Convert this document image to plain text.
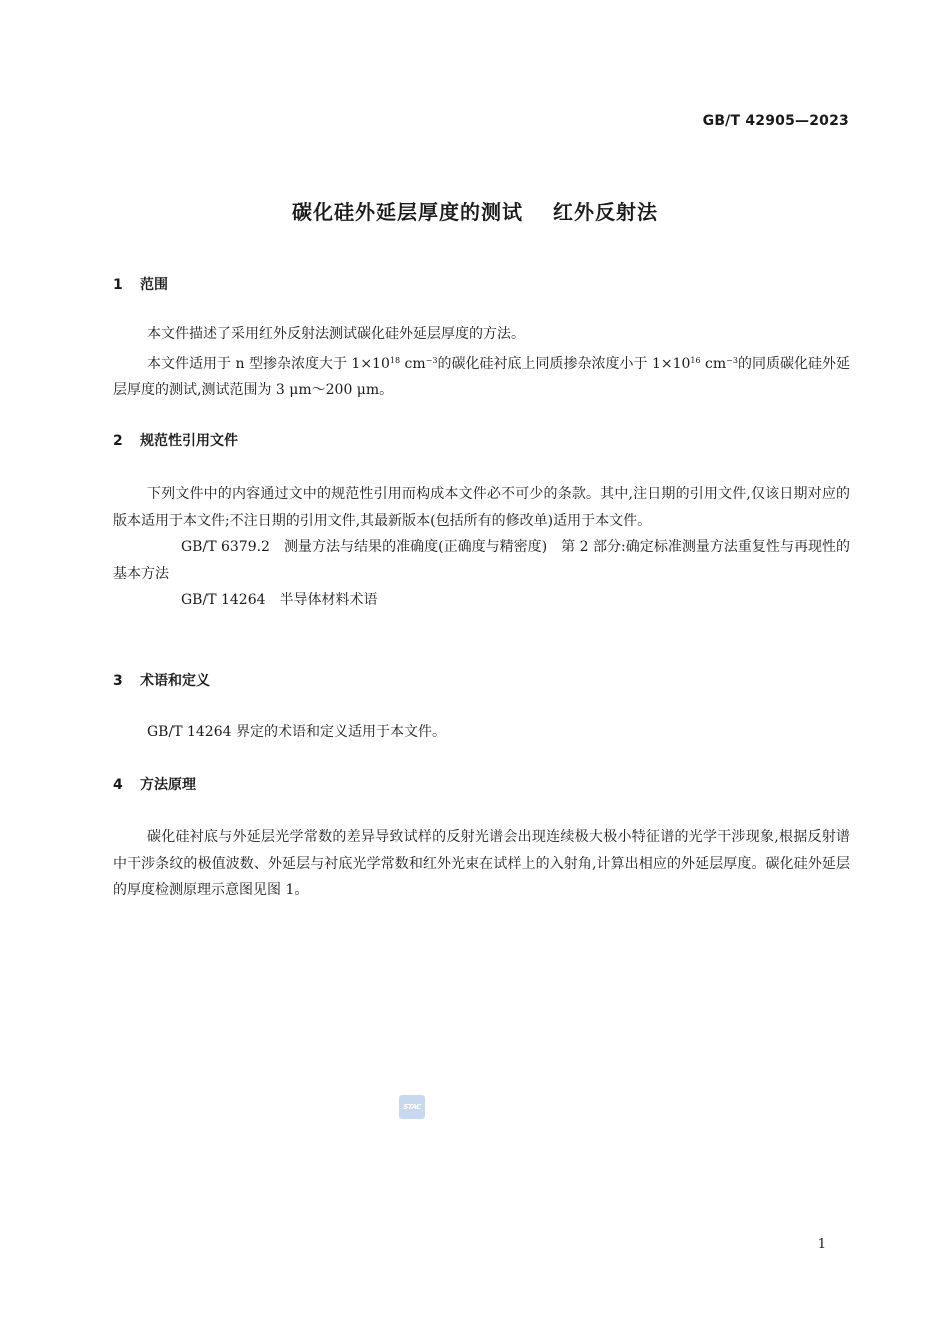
GB/T 42905—2023
碳化硅外延层厚度的测试 红外反射法
1 范围

本文件描述了采用红外反射法测试碳化硅外延层厚度的方法。

本文件适用于 n 型掺杂浓度大于 $1\times 10^{18}$ $cm^{-3}$的碳化硅衬底上同质掺杂浓度小于 $1\times 10^{16}$ $cm^{-3}$的同质碳化硅外延层厚度的测试,测试范围为 3 μm～200 μm。

2 规范性引用文件

下列文件中的内容通过文中的规范性引用而构成本文件必不可少的条款。其中,注日期的引用文件,仅该日期对应的版本适用于本文件;不注日期的引用文件,其最新版本(包括所有的修改单)适用于本文件。

GB/T 6379.2 测量方法与结果的准确度(正确度与精密度)　第 2 部分:确定标准测量方法重复性与再现性的基本方法

GB/T 14264 半导体材料术语

3 术语和定义

GB/T 14264 界定的术语和定义适用于本文件。

4 方法原理

碳化硅衬底与外延层光学常数的差异导致试样的反射光谱会出现连续极大极小特征谱的光学干涉现象,根据反射谱中干涉条纹的极值波数、外延层与衬底光学常数和红外光束在试样上的入射角,计算出相应的外延层厚度。碳化硅外延层的厚度检测原理示意图见图 1。

STAC
1
